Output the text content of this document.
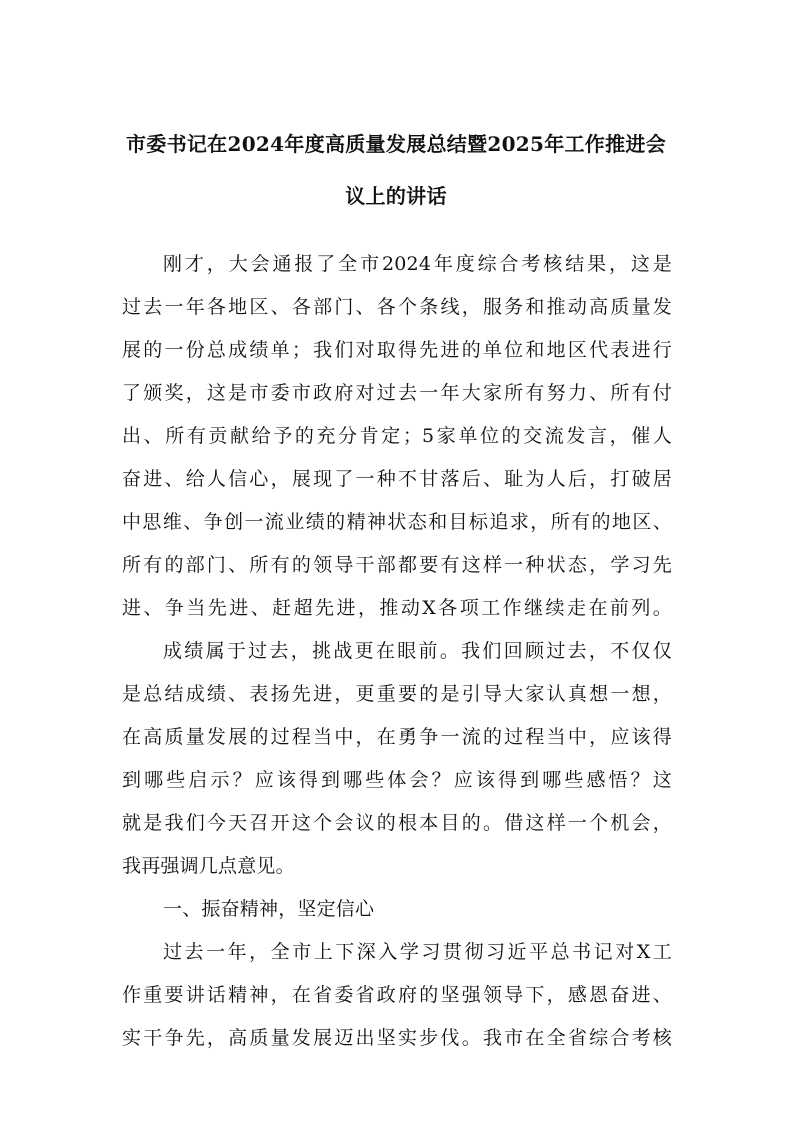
市委书记在2024年度高质量发展总结暨2025年工作推进会
议上的讲话
刚才，大会通报了全市2024年度综合考核结果，这是
过去一年各地区、各部门、各个条线，服务和推动高质量发
展的一份总成绩单；我们对取得先进的单位和地区代表进行
了颁奖，这是市委市政府对过去一年大家所有努力、所有付
出、所有贡献给予的充分肯定；5家单位的交流发言，催人
奋进、给人信心，展现了一种不甘落后、耻为人后，打破居
中思维、争创一流业绩的精神状态和目标追求，所有的地区、
所有的部门、所有的领导干部都要有这样一种状态，学习先
进、争当先进、赶超先进，推动X各项工作继续走在前列。
成绩属于过去，挑战更在眼前。我们回顾过去，不仅仅
是总结成绩、表扬先进，更重要的是引导大家认真想一想，
在高质量发展的过程当中，在勇争一流的过程当中，应该得
到哪些启示？应该得到哪些体会？应该得到哪些感悟？这
就是我们今天召开这个会议的根本目的。借这样一个机会，
我再强调几点意见。
一、振奋精神，坚定信心
过去一年，全市上下深入学习贯彻习近平总书记对X工
作重要讲话精神，在省委省政府的坚强领导下，感恩奋进、
实干争先，高质量发展迈出坚实步伐。我市在全省综合考核
